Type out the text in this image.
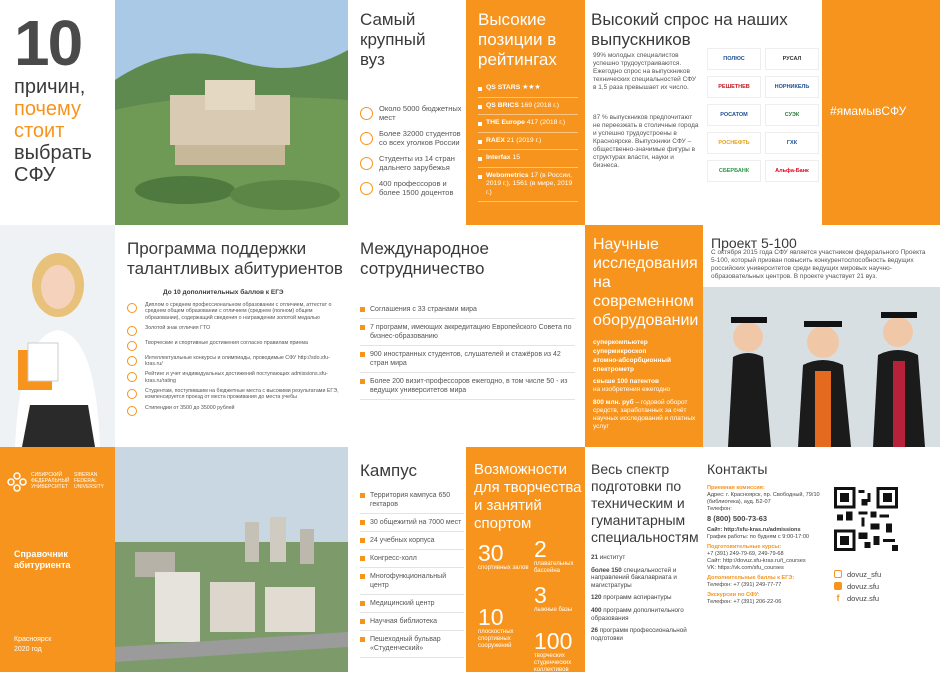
10
причин,
почему
стоит
выбрать
СФУ
Самый крупный вуз
Около 5000 бюджетных мест
Более 32000 студентов со всех уголков России
Студенты из 14 стран дальнего зарубежья
400 профессоров и более 1500 доцентов
Высокие позиции в рейтингах
QS STARS ★★★
QS BRICS 169 (2018 г.)
THE Europe 417 (2018 г.)
RAEX 21 (2019 г.)
Interfax 15
Webometrics 17 (в России, 2019 г.), 1561 (в мире, 2019 г.)
Высокий спрос на наших выпускников
99% молодых специалистов успешно трудоустраиваются. Ежегодно спрос на выпускников технических специальностей СФУ в 1,5 раза превышает их число.
87 % выпускников предпочитают не переезжать в столичные города и успешно трудоустроены в Красноярске. Выпускники СФУ – общественно-значимые фигуры в структурах власти, науки и бизнеса.
ПОЛЮС	РУСАЛ
РЕШЕТНЕВ	НОРНИКЕЛЬ
РОСАТОМ	СУЭК
РОСНЕФТЬ	ГХК
СБЕРБАНК	Альфа-Банк
#ямамывСФУ
Программа поддержки талантливых абитуриентов
До 10 дополнительных баллов к ЕГЭ
Диплом о среднем профессиональном образовании с отличием, аттестат о среднем общем образовании с отличием (среднем (полном) общем образовании), содержащий сведения о награждении золотой медалью
Золотой знак отличия ГТО
Творческие и спортивные достижения согласно правилам приема
Интеллектуальные конкурсы и олимпиады, проводимые СФУ http://sdo.sfu-kras.ru/
Рейтинг и учет индивидуальных достижений поступающих admissions.sfu-kras.ru/rating
Студентам, поступившим на бюджетные места с высокими результатами ЕГЭ, компенсируется проезд от места проживания до места учебы
Стипендии от 3500 до 35000 рублей
Международное сотрудничество
Соглашения с 33 странами мира
7 программ, имеющих аккредитацию Европейского Совета по бизнес-образованию
900 иностранных студентов, слушателей и стажёров из 42 стран мира
Более 200 визит-профессоров ежегодно, в том числе 50 - из ведущих университетов мира
Научные исследования на современном оборудовании
суперкомпьютер
супермикроскоп
атомно-абсорбционный спектрометр
свыше 100 патентов
на изобретения ежегодно
800 млн. руб – годовой оборот средств, заработанных за счёт научных исследований и платных услуг
Проект 5-100
С октября 2015 года СФУ является участником федерального Проекта 5-100, который призван повысить конкурентоспособность ведущих российских университетов среди ведущих мировых научно-образовательных центров. В проекте участвует 21 вуз.
СИБИРСКИЙ ФЕДЕРАЛЬНЫЙ УНИВЕРСИТЕТ
SIBERIAN FEDERAL UNIVERSITY
Справочник абитуриента
Красноярск
2020 год
Кампус
Территория кампуса 650 гектаров
30 общежитий на 7000 мест
24 учебных корпуса
Конгресс-холл
Многофункциональный центр
Медицинский центр
Научная библиотека
Пешеходный бульвар «Студенческий»
Возможности для творчества и занятий спортом
30
спортивных залов
2
плавательных бассейна
3
лыжные базы
10
плоскостных спортивных сооружений 100
творческих студенческих коллективов
Весь спектр подготовки по техническим и гуманитарным специальностям
21 институт
более 150 специальностей и направлений бакалавриата и магистратуры
120 программ аспирантуры
400 программ дополнительного образования
26 программ профессиональной подготовки
Контакты
Приемная комиссия:
Адрес: г. Красноярск, пр. Свободный, 79/10 (библиотека), ауд. Б2-07
Телефон:
8 (800) 500-73-63
Сайт: http://sfu-kras.ru/admissions
График работы: по будням с 9:00-17:00
Подготовительные курсы:
+7 (391) 249-79-69, 249-79-68
Сайт: http://dovuz.sfu-kras.ru/t_courses
VK: https://vk.com/sfu_courses
Дополнительные баллы к ЕГЭ:
Телефон: +7 (391) 249-77-77
Экскурсии по СФУ:
Телефон: +7 (391) 206-22-06
dovuz_sfu
dovuz.sfu
f dovuz.sfu
